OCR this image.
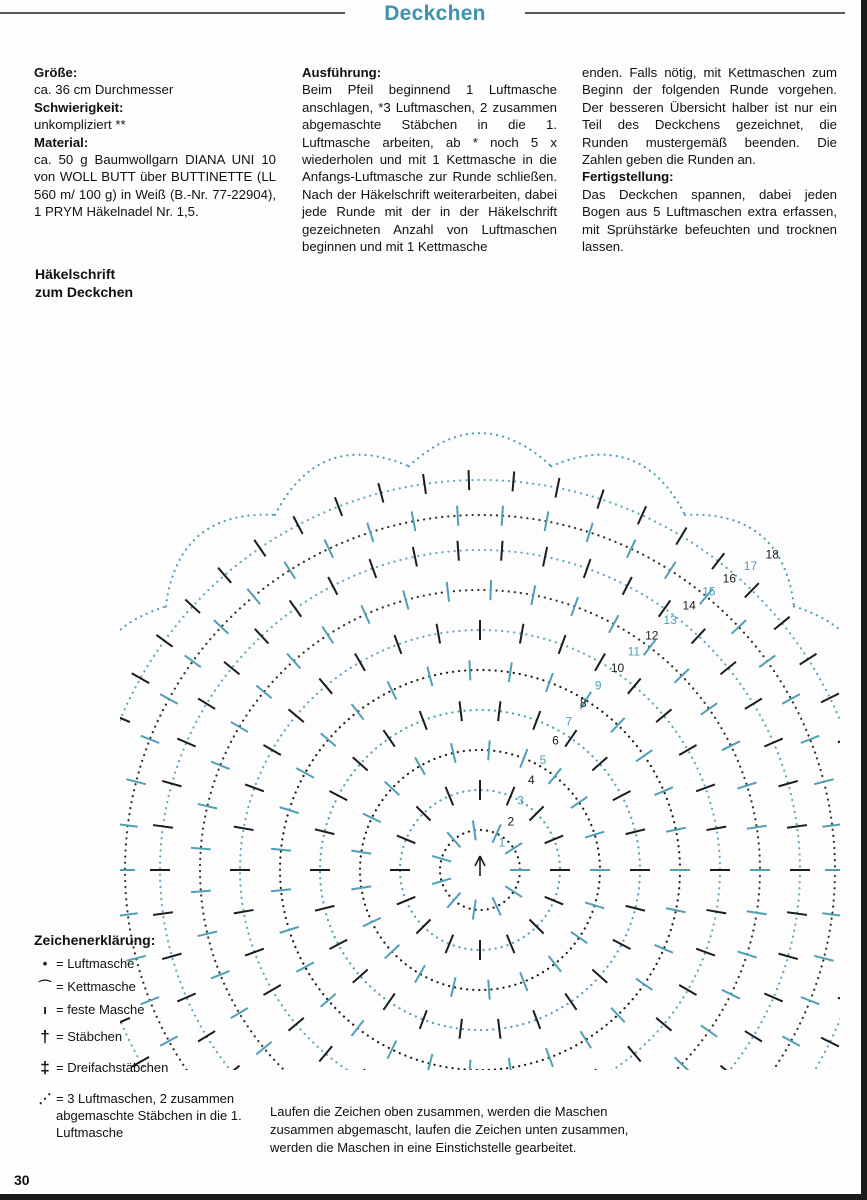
Deckchen
Größe:
ca. 36 cm Durchmesser
Schwierigkeit:
unkompliziert **
Material:
ca. 50 g Baumwollgarn DIANA UNI 10 von WOLL BUTT über BUTTINETTE (LL 560 m/ 100 g) in Weiß (B.-Nr. 77-22904), 1 PRYM Häkelnadel Nr. 1,5.
Ausführung:
Beim Pfeil beginnend 1 Luftmasche anschlagen, *3 Luftmaschen, 2 zusammen abgemaschte Stäbchen in die 1. Luftmasche arbeiten, ab * noch 5 x wiederholen und mit 1 Kettmasche in die Anfangs-Luftmasche zur Runde schließen. Nach der Häkelschrift weiterarbeiten, dabei jede Runde mit der in der Häkelschrift gezeichneten Anzahl von Luftmaschen beginnen und mit 1 Kettmasche
enden. Falls nötig, mit Kettmaschen zum Beginn der folgenden Runde vorgehen. Der besseren Übersicht halber ist nur ein Teil des Deckchens gezeichnet, die Runden mustergemäß beenden. Die Zahlen geben die Runden an.
Fertigstellung:
Das Deckchen spannen, dabei jeden Bogen aus 5 Luftmaschen extra erfassen, mit Sprühstärke befeuchten und trocknen lassen.
Häkelschrift
zum Deckchen
1
2
3
4
5
6
7
8
9
10
11
12
13
14
15
16
17
18
Zeichenerklärung:
• = Luftmasche
⌒ = Kettmasche
ı = feste Masche
† = Stäbchen
‡ = Dreifachstäbchen
⋰ = 3 Luftmaschen, 2 zusammen abgemaschte Stäbchen in die 1. Luftmasche
Laufen die Zeichen oben zusammen, werden die Maschen zusammen abgemascht, laufen die Zeichen unten zusammen, werden die Maschen in eine Einstichstelle gearbeitet.
30
